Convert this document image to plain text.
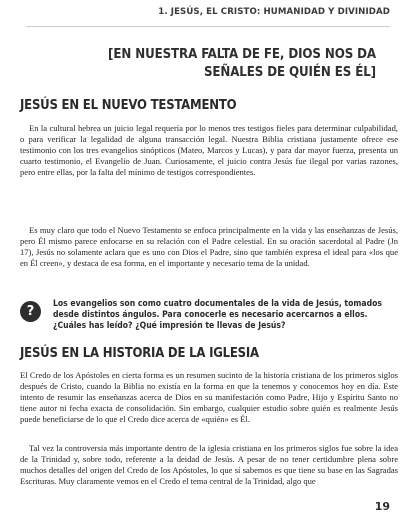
1. JESÚS, EL CRISTO: HUMANIDAD Y DIVINIDAD
[EN NUESTRA FALTA DE FE, DIOS NOS DA SEÑALES DE QUIÉN ES ÉL]
JESÚS EN EL NUEVO TESTAMENTO

En la cultural hebrea un juicio legal requería por lo menos tres testigos fieles para determinar culpabilidad, o para verificar la legalidad de alguna transacción legal. Nuestra Biblia cristiana justamente ofrece ese testimonio con los tres evangelios sinópticos (Mateo, Marcos y Lucas), y para dar mayor fuerza, presenta un cuarto testimonio, el Evangelio de Juan. Curiosamente, el juicio contra Jesús fue ilegal por varias razones, pero entre ellas, por la falta del mínimo de testigos correspondientes.

Es muy claro que todo el Nuevo Testamento se enfoca principalmente en la vida y las enseñanzas de Jesús, pero Él mismo parece enfocarse en su relación con el Padre celestial. En su oración sacerdotal al Padre (Jn 17), Jesús no solamente aclara que es uno con Dios el Padre, sino que también expresa el ideal para «los que en Él creen», y destaca de esa forma, en el importante y necesario tema de la unidad.

?	Los evangelios son como cuatro documentales de la vida de Jesús, tomados desde distintos ángulos. Para conocerle es necesario acercarnos a ellos. ¿Cuáles has leído? ¿Qué impresión te llevas de Jesús?

JESÚS EN LA HISTORIA DE LA IGLESIA

El Credo de los Apóstoles en cierta forma es un resumen sucinto de la historia cristiana de los primeros siglos después de Cristo, cuando la Biblia no existía en la forma en que la tenemos y conocemos hoy en día. Este intento de resumir las enseñanzas acerca de Dios en su manifestación como Padre, Hijo y Espíritu Santo no tiene autor ni fecha exacta de consolidación. Sin embargo, cualquier estudio sobre quién es realmente Jesús puede beneficiarse de lo que el Credo dice acerca de «quién» es Él.

Tal vez la controversia más importante dentro de la iglesia cristiana en los primeros siglos fue sobre la idea de la Trinidad y, sobre todo, referente a la deidad de Jesús. A pesar de no tener certidumbre plena sobre muchos detalles del origen del Credo de los Apóstoles, lo que sí sabemos es que tiene su base en las Sagradas Escrituras. Muy claramente vemos en el Credo el tema central de la Trinidad, algo que

19
